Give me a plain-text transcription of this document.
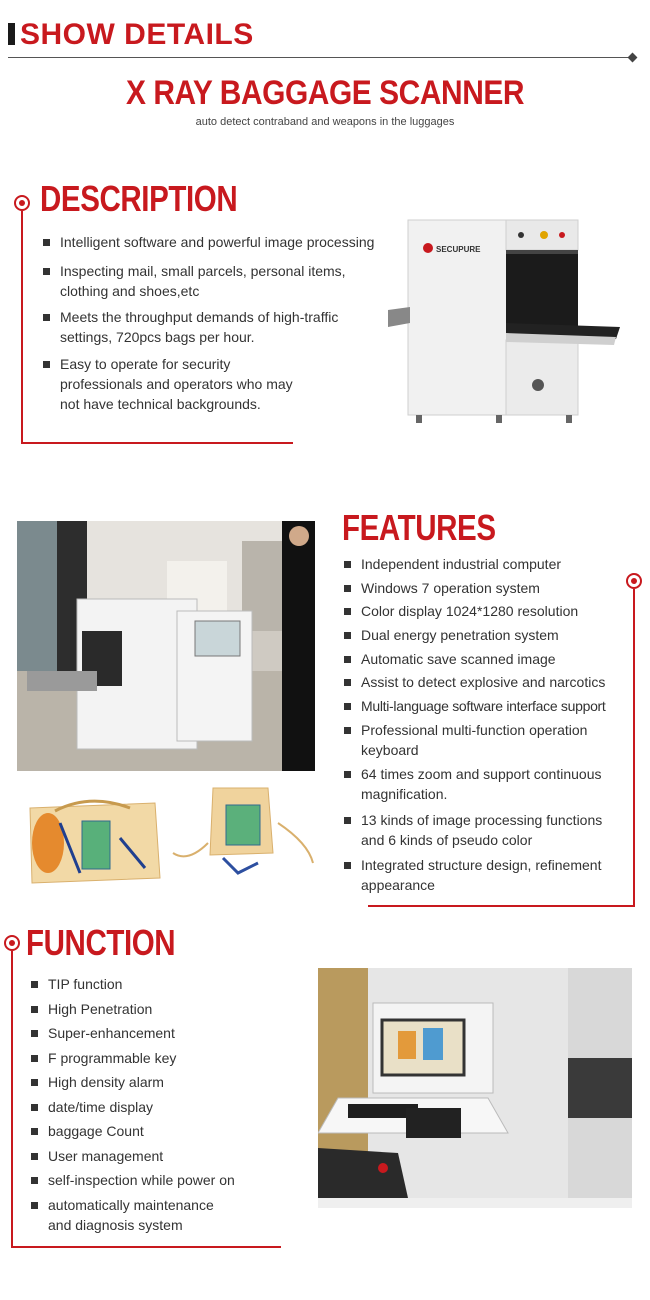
SHOW DETAILS
X RAY BAGGAGE SCANNER
auto detect contraband and weapons in the luggages
DESCRIPTION
Intelligent software and powerful image processing
Inspecting mail, small parcels, personal items, clothing and shoes,etc
Meets the throughput demands of high-traffic settings, 720pcs bags per hour.
Easy to operate for security professionals and operators who may not have technical backgrounds.
SECUPURE
FEATURES
Independent industrial computer
Windows 7 operation system
Color display 1024*1280 resolution
Dual energy penetration system
Automatic save scanned image
Assist to detect explosive and narcotics
Multi-language software interface support
Professional multi-function operation keyboard
64 times zoom and support continuous magnification.
13 kinds of image processing functions and 6 kinds of pseudo color
Integrated structure design, refinement appearance
FUNCTION
TIP function
High Penetration
Super-enhancement
F programmable key
High density alarm
date/time display
baggage Count
User management
self-inspection while power on
automatically maintenance and diagnosis system
